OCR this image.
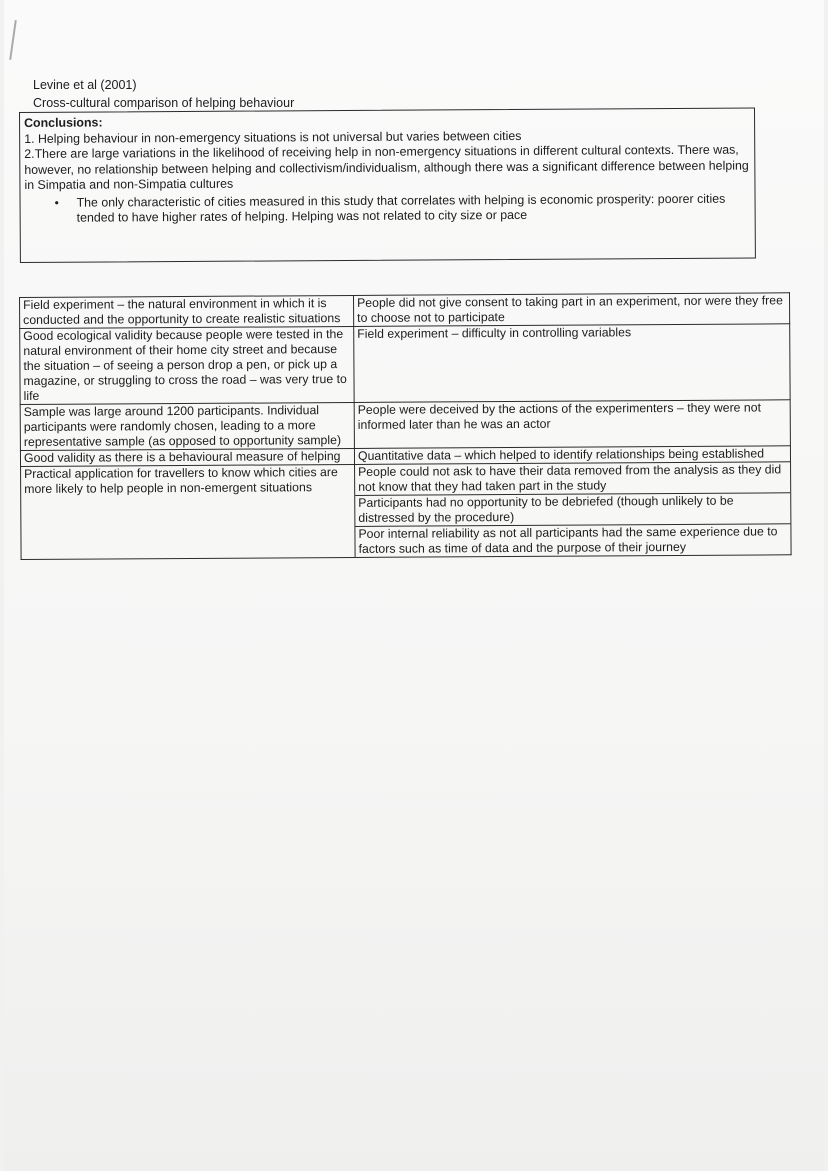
Levine et al (2001)
Cross-cultural comparison of helping behaviour

Conclusions:

1. Helping behaviour in non-emergency situations is not universal but varies between cities

2.There are large variations in the likelihood of receiving help in non-emergency situations in different cultural contexts. There was, however, no relationship between helping and collectivism/individualism, although there was a significant difference between helping in Simpatia and non-Simpatia cultures

•	The only characteristic of cities measured in this study that correlates with helping is economic prosperity: poorer cities tended to have higher rates of helping. Helping was not related to city size or pace
Field experiment – the natural environment in which it is conducted and the opportunity to create realistic situations	People did not give consent to taking part in an experiment, nor were they free to choose not to participate
Good ecological validity because people were tested in the natural environment of their home city street and because the situation – of seeing a person drop a pen, or pick up a magazine, or struggling to cross the road – was very true to life	Field experiment – difficulty in controlling variables
Sample was large around 1200 participants. Individual participants were randomly chosen, leading to a more representative sample (as opposed to opportunity sample)	People were deceived by the actions of the experimenters – they were not informed later than he was an actor
Good validity as there is a behavioural measure of helping	Quantitative data – which helped to identify relationships being established
Practical application for travellers to know which cities are more likely to help people in non-emergent situations	People could not ask to have their data removed from the analysis as they did not know that they had taken part in the study
Participants had no opportunity to be debriefed (though unlikely to be distressed by the procedure)
Poor internal reliability as not all participants had the same experience due to factors such as time of data and the purpose of their journey
